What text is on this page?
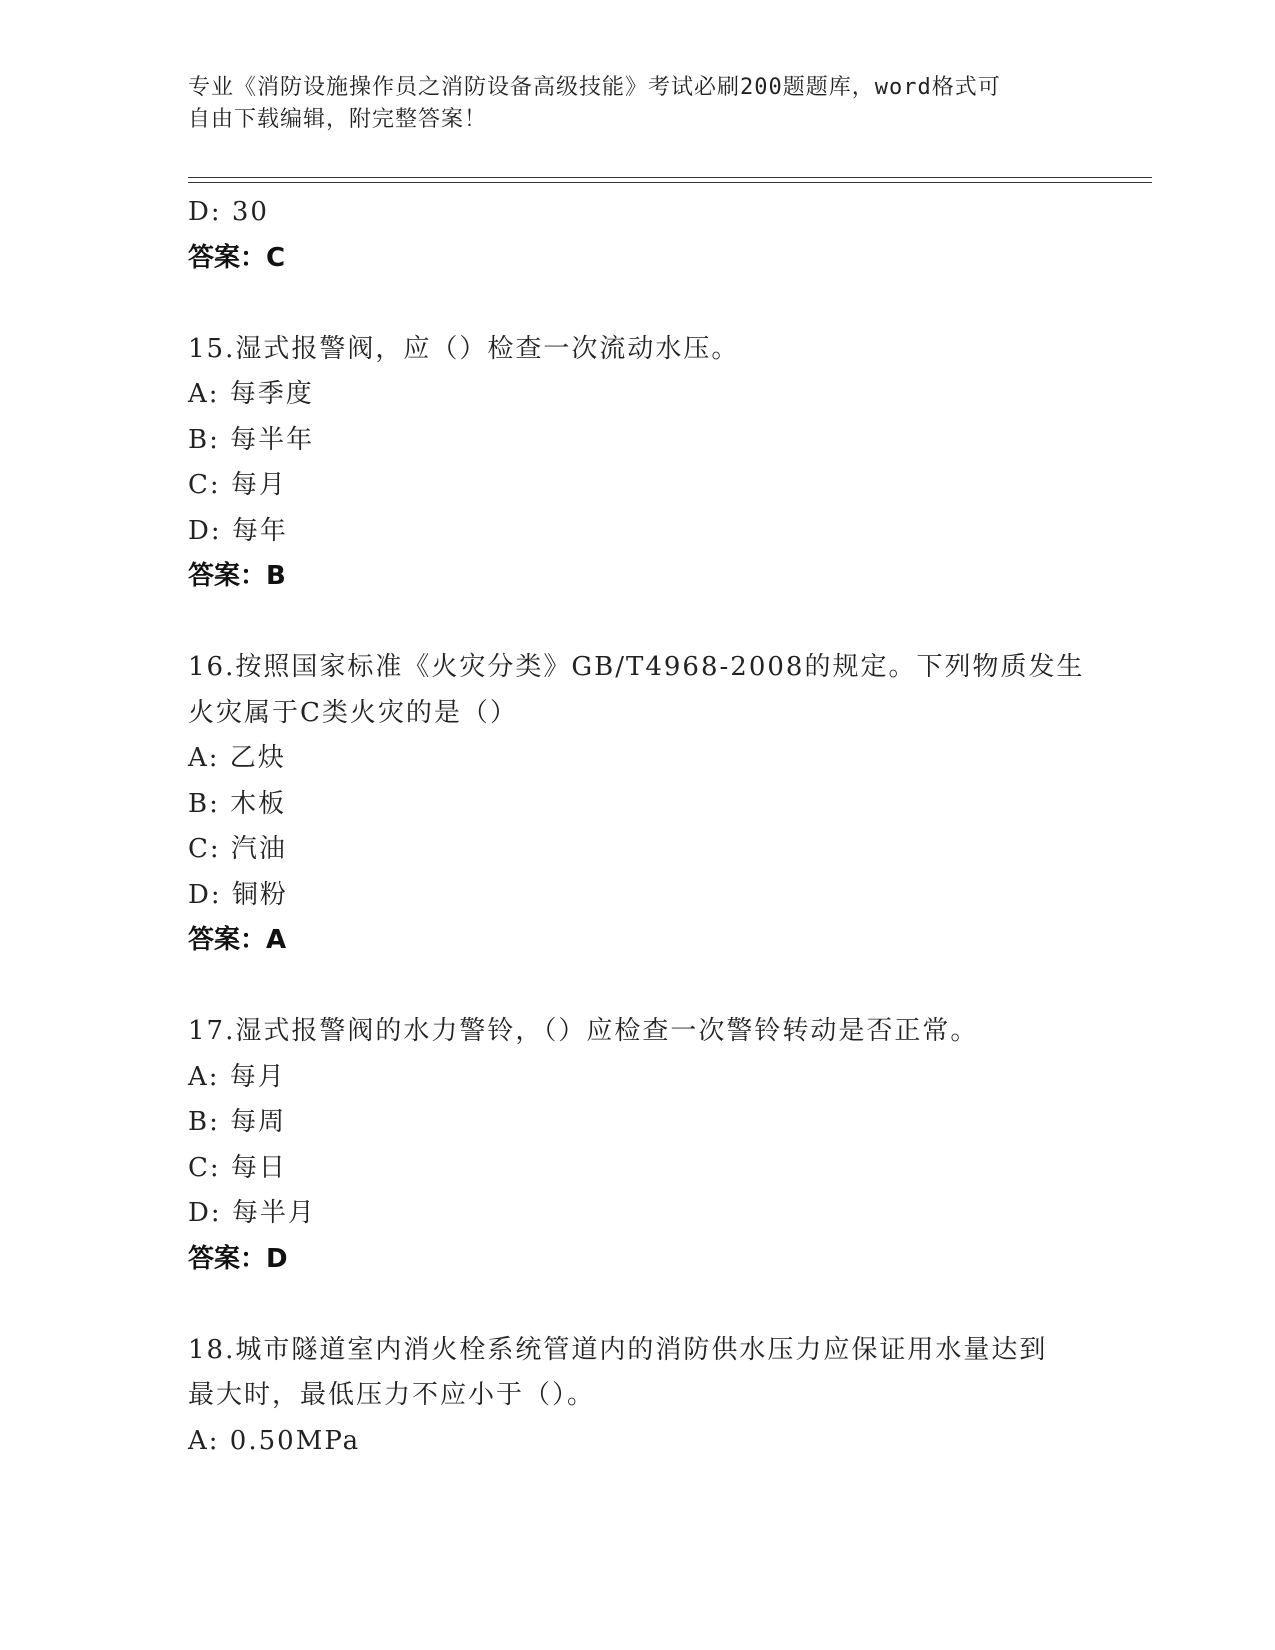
专业《消防设施操作员之消防设备高级技能》考试必刷200题题库，word格式可
自由下载编辑，附完整答案！
D: 30
答案：C
15.湿式报警阀，应（）检查一次流动水压。
A: 每季度
B: 每半年
C: 每月
D: 每年
答案：B
16.按照国家标准《火灾分类》GB/T4968-2008的规定。下列物质发生
火灾属于C类火灾的是（）
A: 乙炔
B: 木板
C: 汽油
D: 铜粉
答案：A
17.湿式报警阀的水力警铃，（）应检查一次警铃转动是否正常。
A: 每月
B: 每周
C: 每日
D: 每半月
答案：D
18.城市隧道室内消火栓系统管道内的消防供水压力应保证用水量达到
最大时，最低压力不应小于（）。
A: 0.50MPa
